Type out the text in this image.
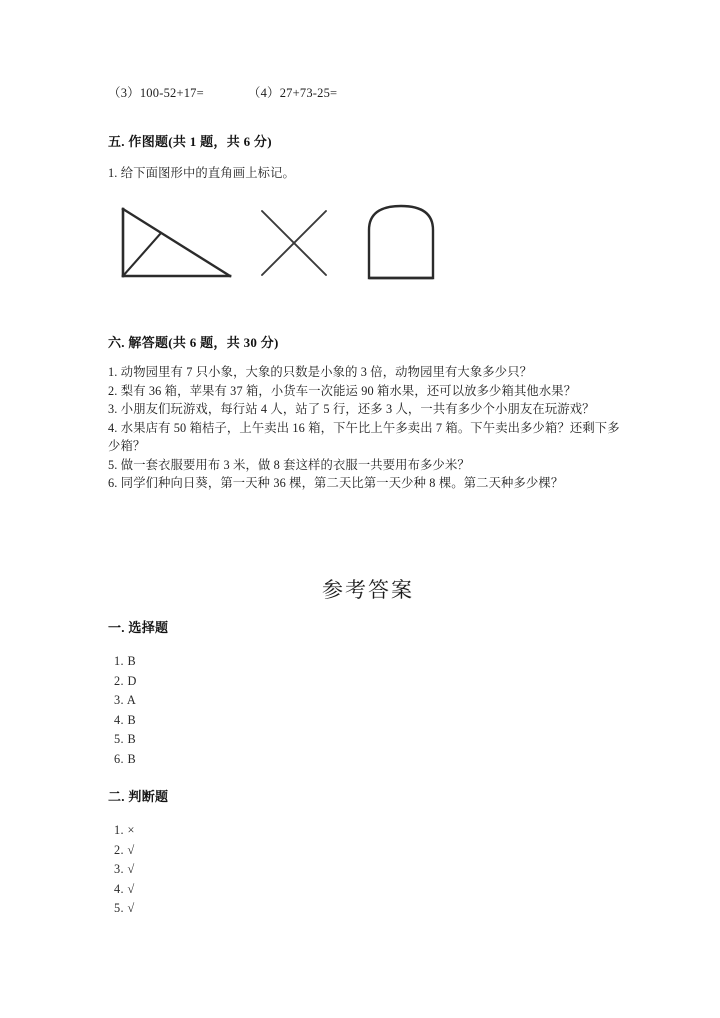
（3）100-52+17=	（4）27+73-25=
五. 作图题(共 1 题，共 6 分)
1. 给下面图形中的直角画上标记。
六. 解答题(共 6 题，共 30 分)

1. 动物园里有 7 只小象，大象的只数是小象的 3 倍，动物园里有大象多少只？

2. 梨有 36 箱，苹果有 37 箱，小货车一次能运 90 箱水果，还可以放多少箱其他水果？

3. 小朋友们玩游戏，每行站 4 人，站了 5 行，还多 3 人，一共有多少个小朋友在玩游戏？

4. 水果店有 50 箱桔子，上午卖出 16 箱，下午比上午多卖出 7 箱。下午卖出多少箱？还剩下多少箱？

5. 做一套衣服要用布 3 米，做 8 套这样的衣服一共要用布多少米？

6. 同学们种向日葵，第一天种 36 棵，第二天比第一天少种 8 棵。第二天种多少棵？

参考答案
一. 选择题
1. B
2. D
3. A
4. B
5. B
6. B
二. 判断题
1. ×
2. √
3. √
4. √
5. √
